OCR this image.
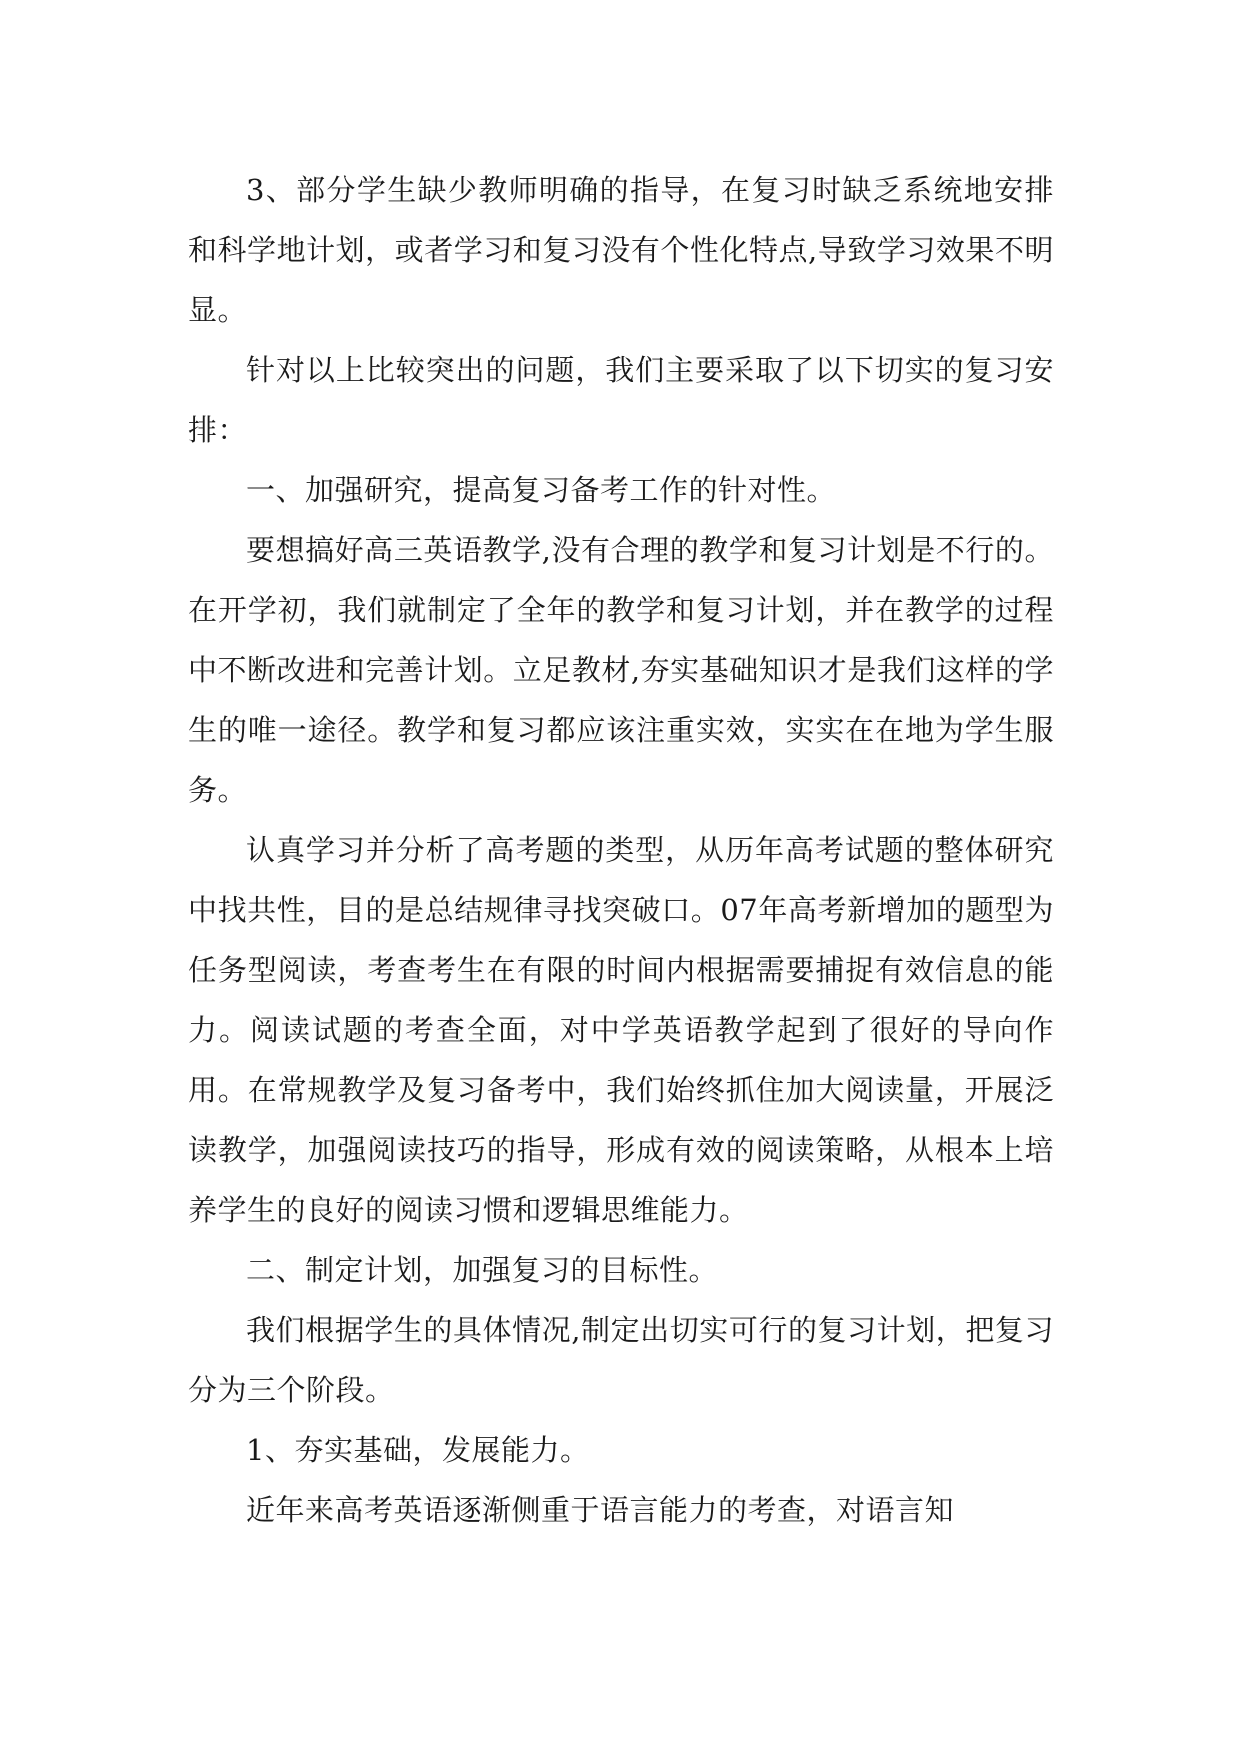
3、部分学生缺少教师明确的指导，在复习时缺乏系统地安排和科学地计划，或者学习和复习没有个性化特点,导致学习效果不明显。

针对以上比较突出的问题，我们主要采取了以下切实的复习安排：

一、加强研究，提高复习备考工作的针对性。

要想搞好高三英语教学,没有合理的教学和复习计划是不行的。在开学初，我们就制定了全年的教学和复习计划，并在教学的过程中不断改进和完善计划。立足教材,夯实基础知识才是我们这样的学生的唯一途径。教学和复习都应该注重实效，实实在在地为学生服务。

认真学习并分析了高考题的类型，从历年高考试题的整体研究中找共性，目的是总结规律寻找突破口。07年高考新增加的题型为任务型阅读，考查考生在有限的时间内根据需要捕捉有效信息的能力。阅读试题的考查全面，对中学英语教学起到了很好的导向作用。在常规教学及复习备考中，我们始终抓住加大阅读量，开展泛读教学，加强阅读技巧的指导，形成有效的阅读策略，从根本上培养学生的良好的阅读习惯和逻辑思维能力。

二、制定计划，加强复习的目标性。

我们根据学生的具体情况,制定出切实可行的复习计划，把复习分为三个阶段。

1、夯实基础，发展能力。

近年来高考英语逐渐侧重于语言能力的考查，对语言知
